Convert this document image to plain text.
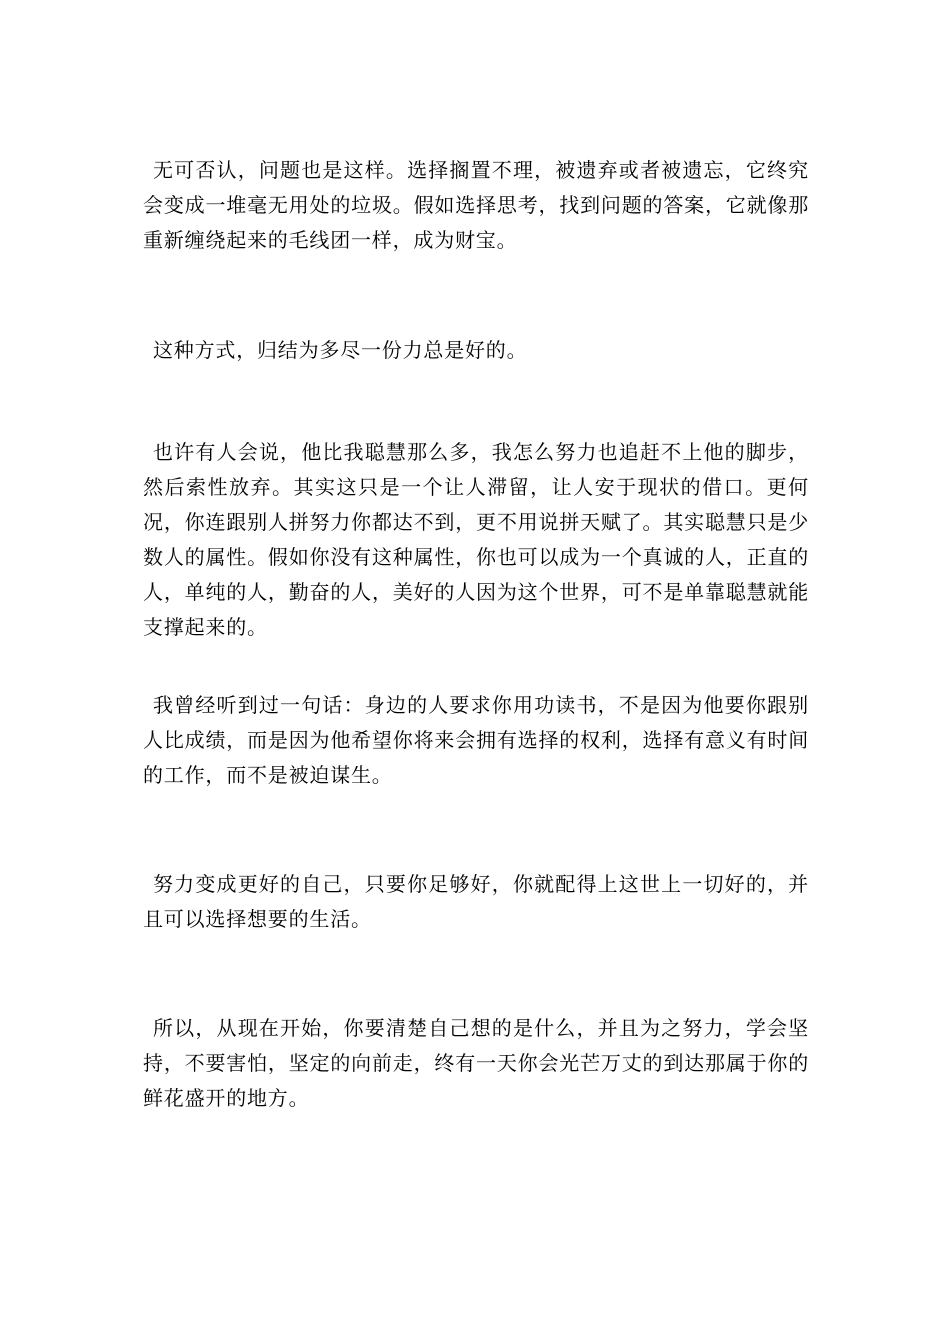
无可否认，问题也是这样。选择搁置不理，被遗弃或者被遗忘，它终究会变成一堆毫无用处的垃圾。假如选择思考，找到问题的答案，它就像那重新缠绕起来的毛线团一样，成为财宝。

这种方式，归结为多尽一份力总是好的。

也许有人会说，他比我聪慧那么多，我怎么努力也追赶不上他的脚步，然后索性放弃。其实这只是一个让人滞留，让人安于现状的借口。更何况，你连跟别人拼努力你都达不到，更不用说拼天赋了。其实聪慧只是少数人的属性。假如你没有这种属性，你也可以成为一个真诚的人，正直的人，单纯的人，勤奋的人，美好的人因为这个世界，可不是单靠聪慧就能支撑起来的。

我曾经听到过一句话：身边的人要求你用功读书，不是因为他要你跟别人比成绩，而是因为他希望你将来会拥有选择的权利，选择有意义有时间的工作，而不是被迫谋生。

努力变成更好的自己，只要你足够好，你就配得上这世上一切好的，并且可以选择想要的生活。

所以，从现在开始，你要清楚自己想的是什么，并且为之努力，学会坚持，不要害怕，坚定的向前走，终有一天你会光芒万丈的到达那属于你的鲜花盛开的地方。
